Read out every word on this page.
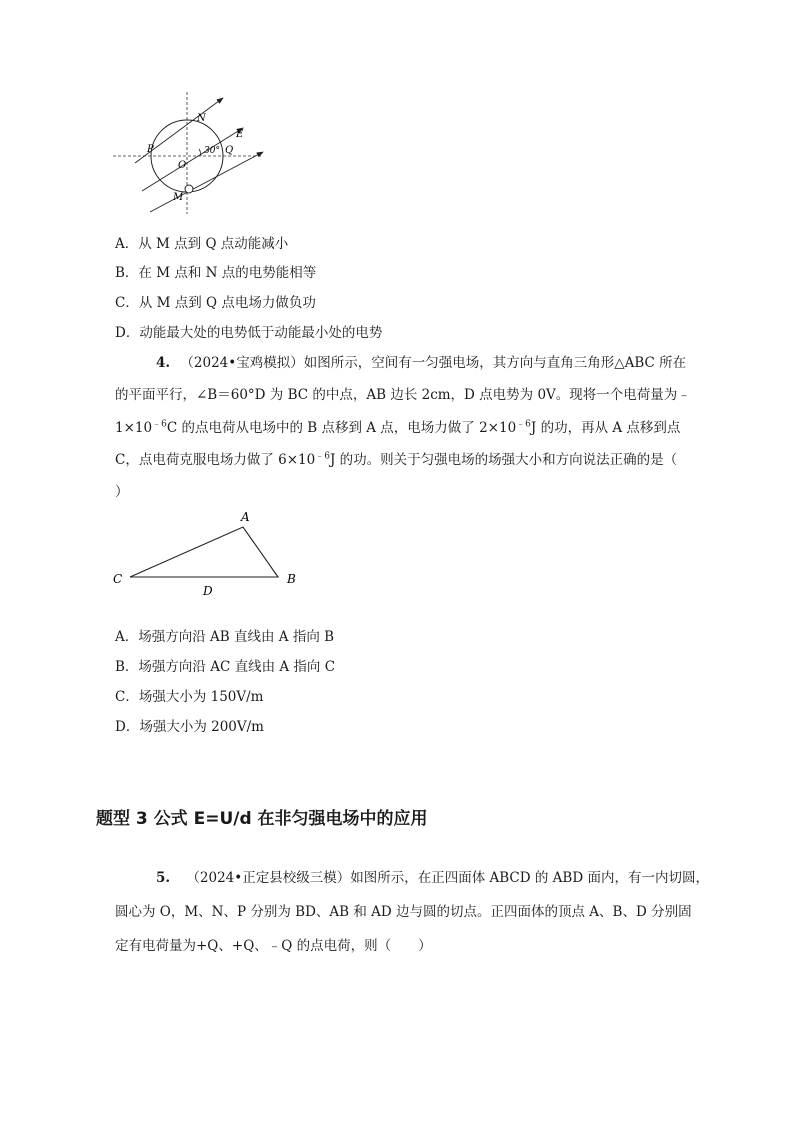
N
E
P	30° Q
O
M
A．从 M 点到 Q 点动能减小
B．在 M 点和 N 点的电势能相等
C．从 M 点到 Q 点电场力做负功
D．动能最大处的电势低于动能最小处的电势
4. （2024•宝鸡模拟）如图所示，空间有一匀强电场，其方向与直角三角形△ABC 所在
的平面平行，∠B＝60°D 为 BC 的中点，AB 边长 2cm，D 点电势为 0V。现将一个电荷量为﹣
$1\times 10^{﹣6}C$ 的点电荷从电场中的 B 点移到 A 点，电场力做了 $2\times 10^{﹣6}J$ 的功，再从 A 点移到点
C，点电荷克服电场力做了 $6\times 10^{﹣6}J$ 的功。则关于匀强电场的场强大小和方向说法正确的是（
）
A
B
C
D
A．场强方向沿 AB 直线由 A 指向 B
B．场强方向沿 AC 直线由 A 指向 C
C．场强大小为 150V/m
D．场强大小为 200V/m
题型 3 公式 E=U/d 在非匀强电场中的应用
5. （2024•正定县校级三模）如图所示，在正四面体 ABCD 的 ABD 面内，有一内切圆，
圆心为 O，M、N、P 分别为 BD、AB 和 AD 边与圆的切点。正四面体的顶点 A、B、D 分别固
定有电荷量为+Q、+Q、﹣Q 的点电荷，则（　　）
